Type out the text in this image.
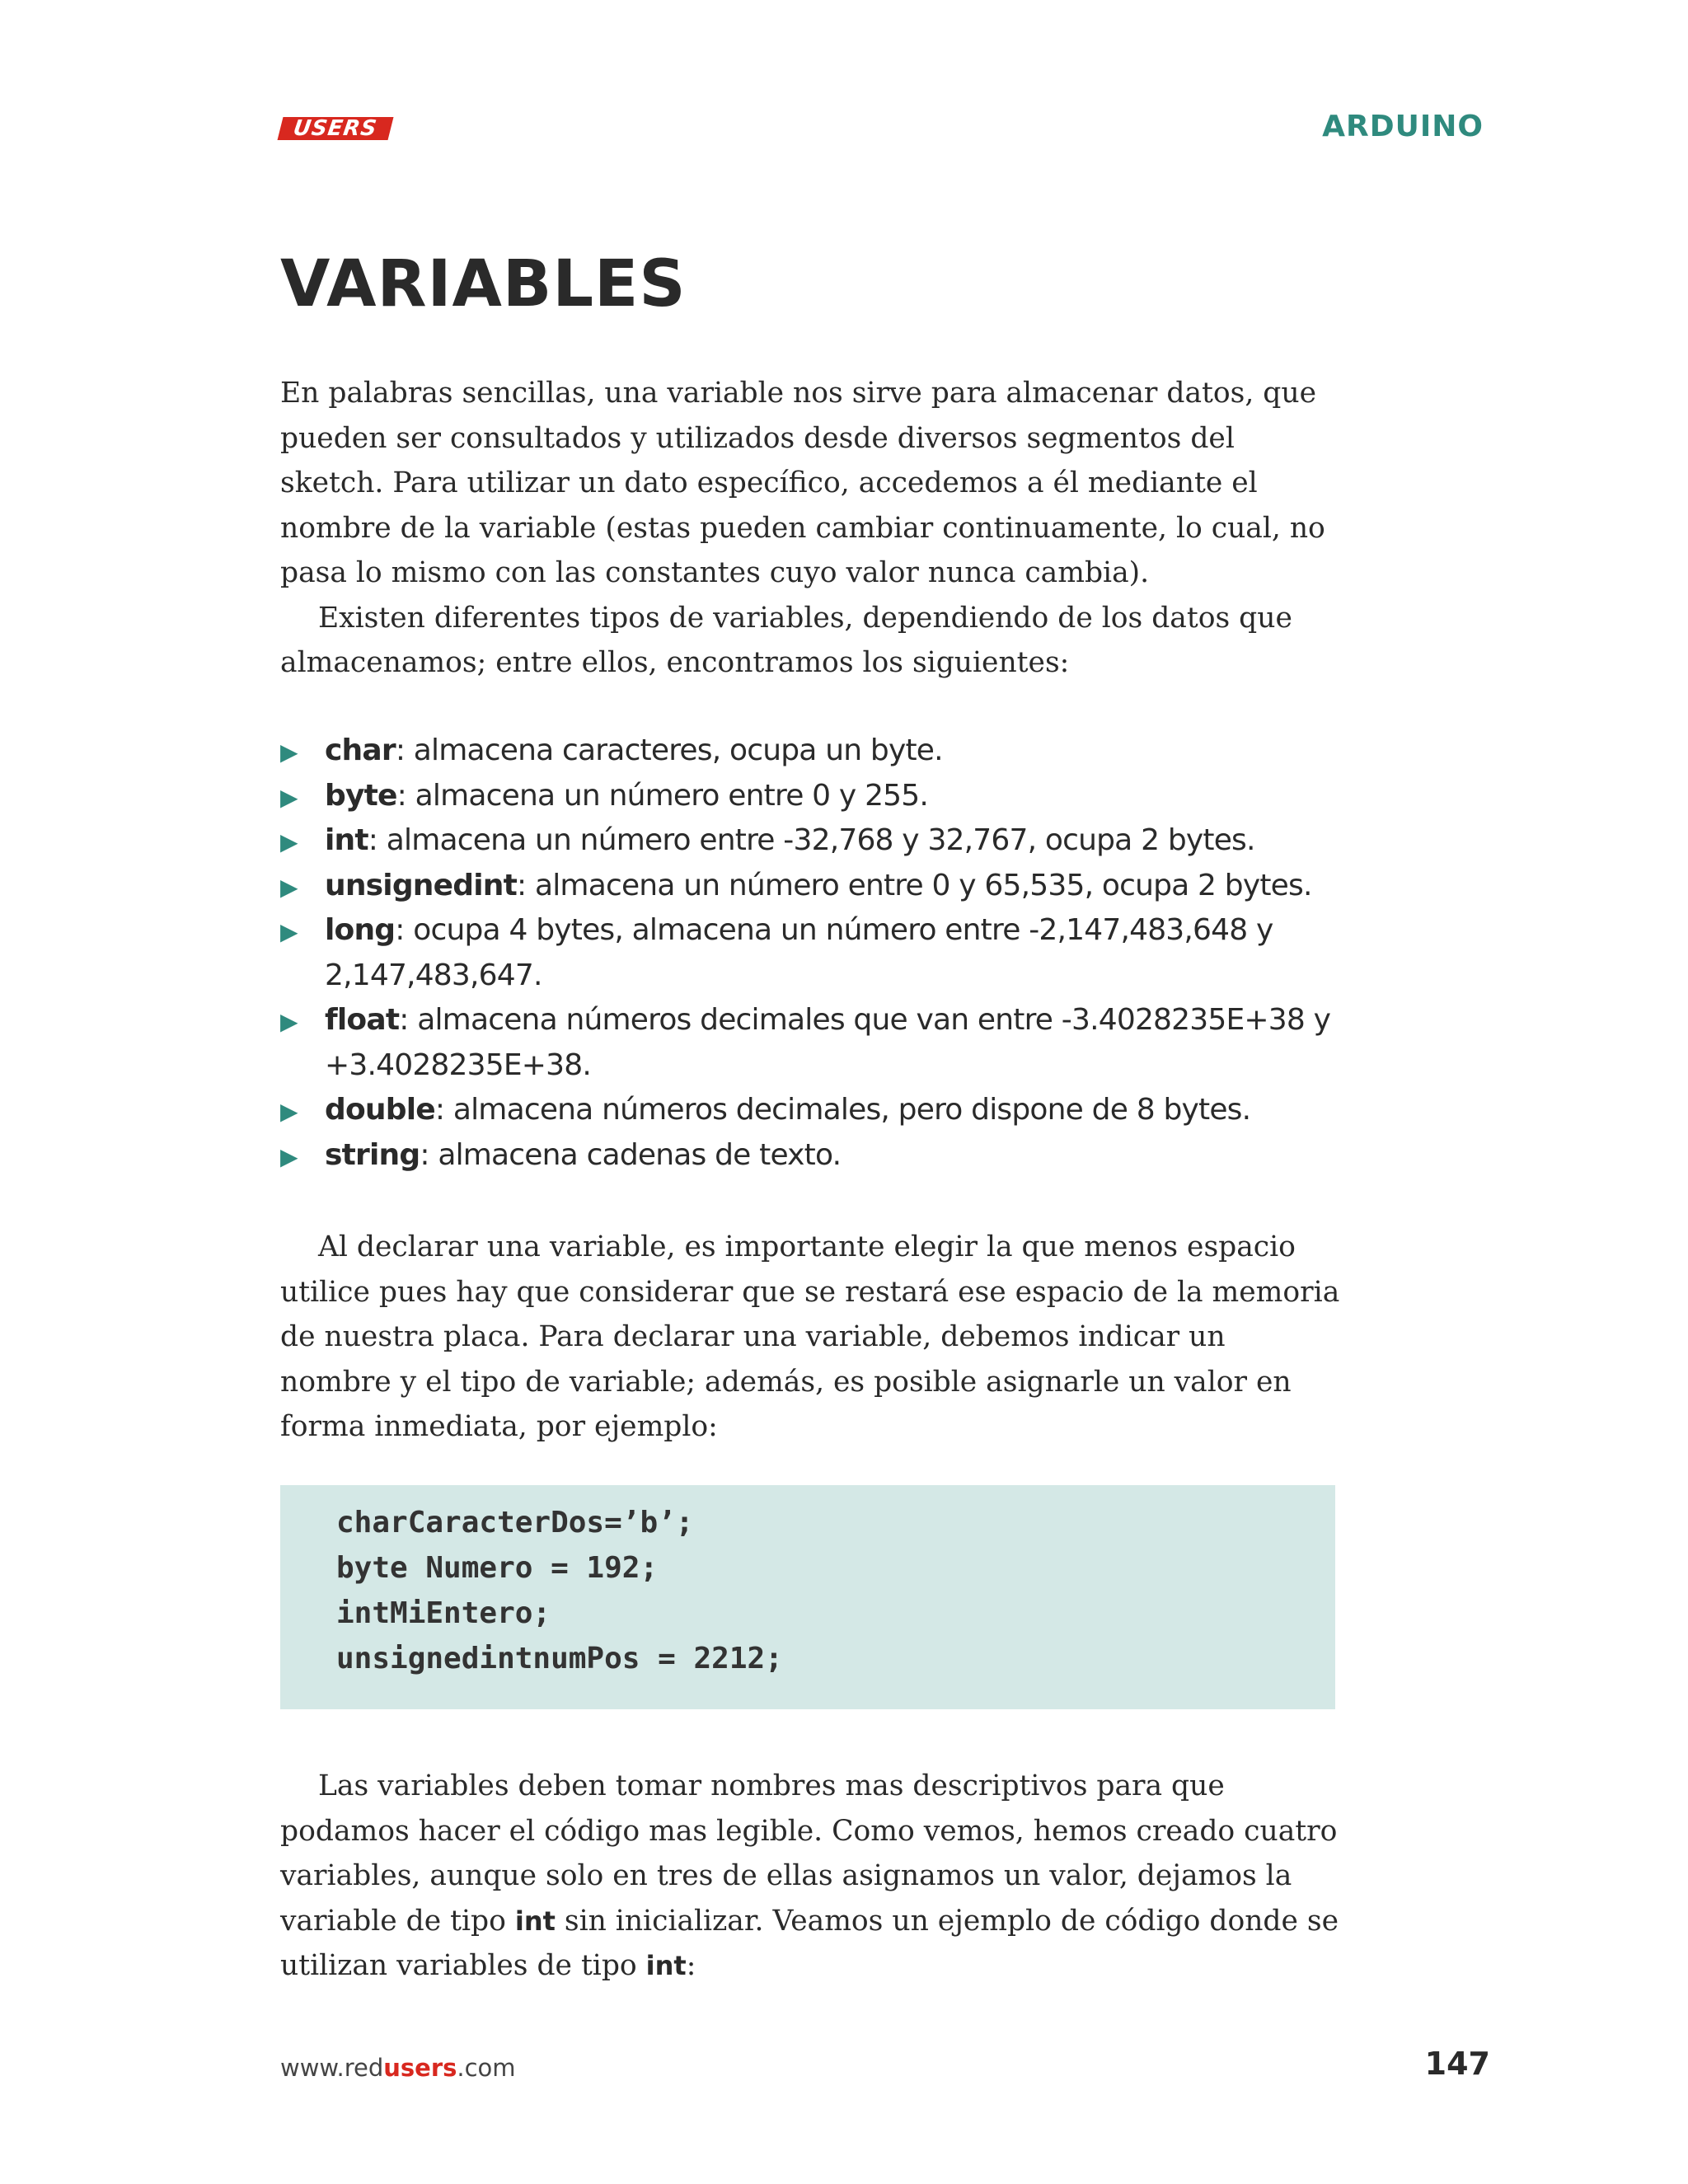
USERS	ARDUINO
VARIABLES

En palabras sencillas, una variable nos sirve para almacenar datos, que pueden ser consultados y utilizados desde diversos segmentos del sketch. Para utilizar un dato específico, accedemos a él mediante el nombre de la variable (estas pueden cambiar continuamente, lo cual, no pasa lo mismo con las constantes cuyo valor nunca cambia).

Existen diferentes tipos de variables, dependiendo de los datos que almacenamos; entre ellos, encontramos los siguientes:

▶ char: almacena caracteres, ocupa un byte.
▶ byte: almacena un número entre 0 y 255.
▶ int: almacena un número entre -32,768 y 32,767, ocupa 2 bytes.
▶ unsignedint: almacena un número entre 0 y 65,535, ocupa 2 bytes.
▶ long: ocupa 4 bytes, almacena un número entre -2,147,483,648 y 2,147,483,647.
▶ float: almacena números decimales que van entre -3.4028235E+38 y +3.4028235E+38.
▶ double: almacena números decimales, pero dispone de 8 bytes.
▶ string: almacena cadenas de texto.

Al declarar una variable, es importante elegir la que menos espacio utilice pues hay que considerar que se restará ese espacio de la memoria de nuestra placa. Para declarar una variable, debemos indicar un nombre y el tipo de variable; además, es posible asignarle un valor en forma inmediata, por ejemplo:

charCaracterDos=’b’;
byte Numero = 192;
intMiEntero;
unsignedintnumPos = 2212;

Las variables deben tomar nombres mas descriptivos para que podamos hacer el código mas legible. Como vemos, hemos creado cuatro variables, aunque solo en tres de ellas asignamos un valor, dejamos la variable de tipo int sin inicializar. Veamos un ejemplo de código donde se utilizan variables de tipo int:

www.redusers.com	147
